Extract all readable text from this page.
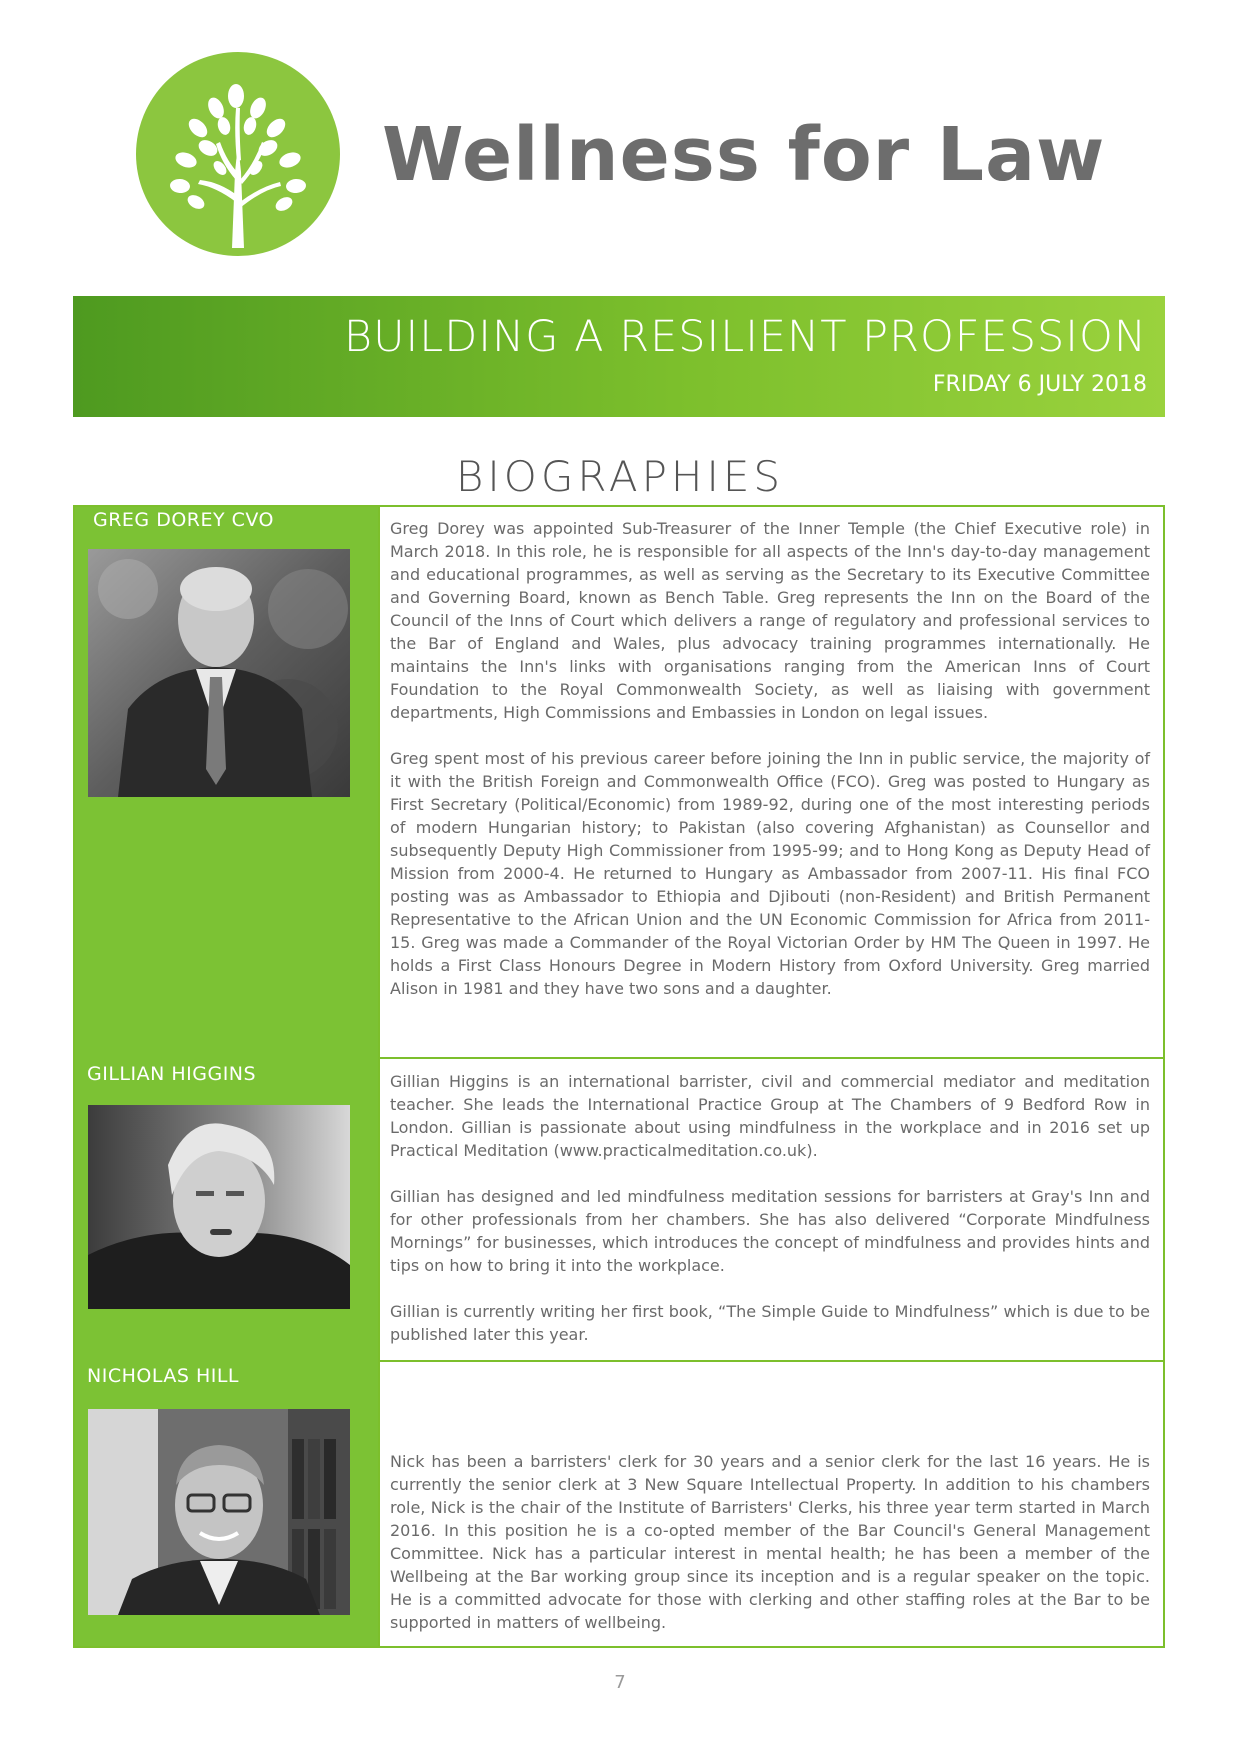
Wellness for Law
BUILDING A RESILIENT PROFESSION
FRIDAY 6 JULY 2018
BIOGRAPHIES
GREG DOREY CVO	Greg Dorey was appointed Sub-Treasurer of the Inner Temple (the Chief Executive role) in March 2018. In this role, he is responsible for all aspects of the Inn's day-to-day management and educational programmes, as well as serving as the Secretary to its Executive Committee and Governing Board, known as Bench Table. Greg represents the Inn on the Board of the Council of the Inns of Court which delivers a range of regulatory and professional services to the Bar of England and Wales, plus advocacy training programmes internationally. He maintains the Inn's links with organisations ranging from the American Inns of Court Foundation to the Royal Commonwealth Society, as well as liaising with government departments, High Commissions and Embassies in London on legal issues.

Greg spent most of his previous career before joining the Inn in public service, the majority of it with the British Foreign and Commonwealth Office (FCO). Greg was posted to Hungary as First Secretary (Political/Economic) from 1989-92, during one of the most interesting periods of modern Hungarian history; to Pakistan (also covering Afghanistan) as Counsellor and subsequently Deputy High Commissioner from 1995-99; and to Hong Kong as Deputy Head of Mission from 2000-4. He returned to Hungary as Ambassador from 2007-11. His final FCO posting was as Ambassador to Ethiopia and Djibouti (non-Resident) and British Permanent Representative to the African Union and the UN Economic Commission for Africa from 2011-15. Greg was made a Commander of the Royal Victorian Order by HM The Queen in 1997. He holds a First Class Honours Degree in Modern History from Oxford University. Greg married Alison in 1981 and they have two sons and a daughter.

GILLIAN HIGGINS	Gillian Higgins is an international barrister, civil and commercial mediator and meditation teacher. She leads the International Practice Group at The Chambers of 9 Bedford Row in London. Gillian is passionate about using mindfulness in the workplace and in 2016 set up Practical Meditation (www.practicalmeditation.co.uk).

Gillian has designed and led mindfulness meditation sessions for barristers at Gray's Inn and for other professionals from her chambers. She has also delivered “Corporate Mindfulness Mornings” for businesses, which introduces the concept of mindfulness and provides hints and tips on how to bring it into the workplace.

Gillian is currently writing her first book, “The Simple Guide to Mindfulness” which is due to be published later this year.

NICHOLAS HILL

Nick has been a barristers' clerk for 30 years and a senior clerk for the last 16 years. He is currently the senior clerk at 3 New Square Intellectual Property. In addition to his chambers role, Nick is the chair of the Institute of Barristers' Clerks, his three year term started in March 2016. In this position he is a co-opted member of the Bar Council's General Management Committee. Nick has a particular interest in mental health; he has been a member of the Wellbeing at the Bar working group since its inception and is a regular speaker on the topic. He is a committed advocate for those with clerking and other staffing roles at the Bar to be supported in matters of wellbeing.

7
